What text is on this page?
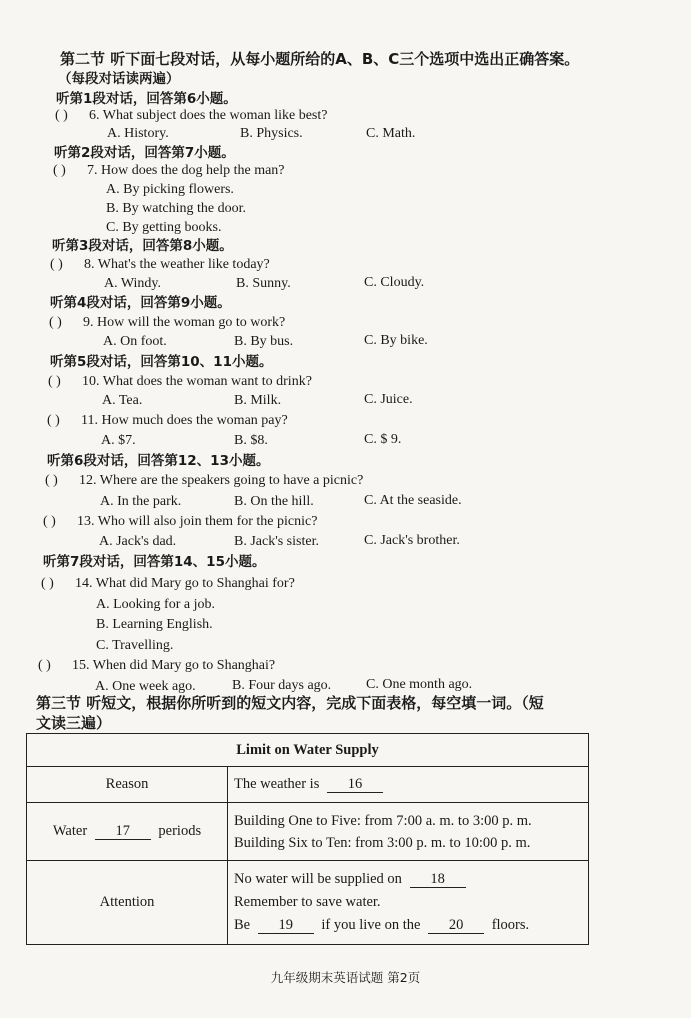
第二节 听下面七段对话，从每小题所给的A、B、C三个选项中选出正确答案。
（每段对话读两遍）
听第1段对话，回答第6小题。
( ) 6. What subject does the woman like best?
A. History.	B. Physics.	C. Math.
听第2段对话，回答第7小题。
( ) 7. How does the dog help the man?
A. By picking flowers.
B. By watching the door.
C. By getting books.
听第3段对话，回答第8小题。
( ) 8. What's the weather like today?
A. Windy.	B. Sunny.	C. Cloudy.
听第4段对话，回答第9小题。
( ) 9. How will the woman go to work?
A. On foot.	B. By bus.	C. By bike.
听第5段对话，回答第10、11小题。
( ) 10. What does the woman want to drink?
A. Tea.	B. Milk.	C. Juice.
( ) 11. How much does the woman pay?
A. $7.	B. $8.	C. $ 9.
听第6段对话，回答第12、13小题。
( ) 12. Where are the speakers going to have a picnic?
A. In the park.	B. On the hill.	C. At the seaside.
( ) 13. Who will also join them for the picnic?
A. Jack's dad.	B. Jack's sister.	C. Jack's brother.
听第7段对话，回答第14、15小题。
( ) 14. What did Mary go to Shanghai for?
A. Looking for a job.
B. Learning English.
C. Travelling.
( ) 15. When did Mary go to Shanghai?
A. One week ago.	B. Four days ago. C. One month ago.
第三节 听短文，根据你所听到的短文内容，完成下面表格，每空填一词。（短
文读三遍）
Limit on Water Supply	
Reason	The weather is 16
Water 17 periods	Building One to Five: from 7:00 a. m. to 3:00 p. m.
Building Six to Ten: from 3:00 p. m. to 10:00 p. m.

Attention	No water will be supplied on 18
Remember to save water.
Be 19 if you live on the 20 floors.
九年级期末英语试题 第2页
